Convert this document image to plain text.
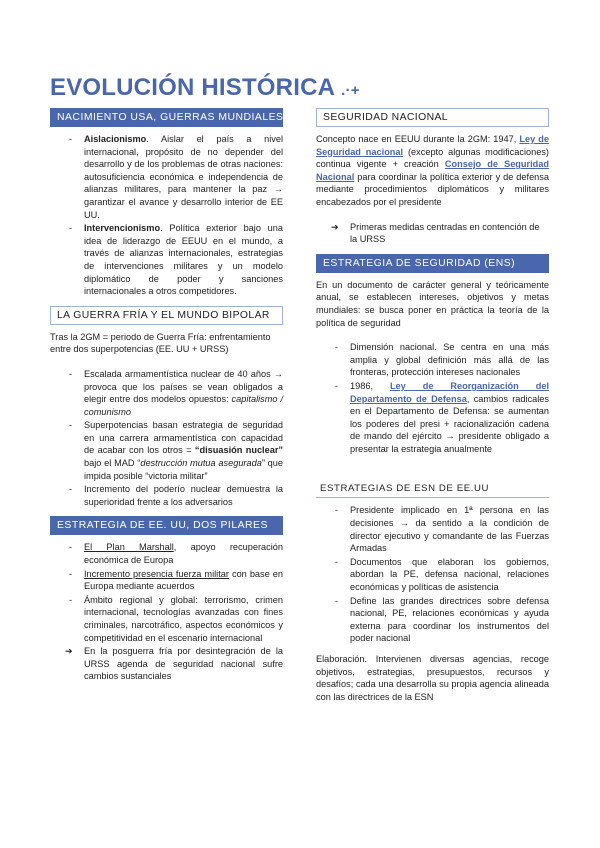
EVOLUCIÓN HISTÓRICA .·+
NACIMIENTO USA, GUERRAS MUNDIALES
- Aislacionismo. Aislar el país a nivel internacional, propósito de no depender del desarrollo y de los problemas de otras naciones: autosuficiencia económica e independencia de alianzas militares, para mantener la paz → garantizar el avance y desarrollo interior de EE UU.
- Intervencionismo. Política exterior bajo una idea de liderazgo de EEUU en el mundo, a través de alianzas internacionales, estrategias de intervenciones militares y un modelo diplomático de poder y sanciones internacionales a otros competidores.
LA GUERRA FRÍA Y EL MUNDO BIPOLAR

Tras la 2GM = periodo de Guerra Fría: enfrentamiento entre dos superpotencias (EE. UU + URSS)

- Escalada armamentística nuclear de 40 años → provoca que los países se vean obligados a elegir entre dos modelos opuestos: capitalismo / comunismo
- Superpotencias basan estrategia de seguridad en una carrera armamentística con capacidad de acabar con los otros = “disuasión nuclear” bajo el MAD “destrucción mutua asegurada” que impida posible “victoria militar”
- Incremento del poderío nuclear demuestra la superioridad frente a los adversarios
ESTRATEGIA DE EE. UU, DOS PILARES
- El Plan Marshall, apoyo recuperación económica de Europa
- Incremento presencia fuerza militar con base en Europa mediante acuerdos
- Ámbito regional y global: terrorismo, crimen internacional, tecnologías avanzadas con fines criminales, narcotráfico, aspectos económicos y competitividad en el escenario internacional
➔ En la posguerra fría por desintegración de la URSS agenda de seguridad nacional sufre cambios sustanciales
SEGURIDAD NACIONAL

Concepto nace en EEUU durante la 2GM: 1947, Ley de Seguridad nacional (excepto algunas modificaciones) continua vigente + creación Consejo de Seguridad Nacional para coordinar la política exterior y de defensa mediante procedimientos diplomáticos y militares encabezados por el presidente

➔ Primeras medidas centradas en contención de la URSS
ESTRATEGIA DE SEGURIDAD (ENS)

En un documento de carácter general y teóricamente anual, se establecen intereses, objetivos y metas mundiales: se busca poner en práctica la teoría de la política de seguridad

- Dimensión nacional. Se centra en una más amplia y global definición más allá de las fronteras, protección intereses nacionales
- 1986, Ley de Reorganización del Departamento de Defensa, cambios radicales en el Departamento de Defensa: se aumentan los poderes del presi + racionalización cadena de mando del ejército → presidente obligado a presentar la estrategia anualmente
ESTRATEGIAS DE ESN DE EE.UU
- Presidente implicado en 1ª persona en las decisiones → da sentido a la condición de director ejecutivo y comandante de las Fuerzas Armadas
- Documentos que elaboran los gobiernos, abordan la PE, defensa nacional, relaciones económicas y políticas de asistencia
- Define las grandes directrices sobre defensa nacional, PE, relaciones económicas y ayuda externa para coordinar los instrumentos del poder nacional

Elaboración. Intervienen diversas agencias, recoge objetivos, estrategias, presupuestos, recursos y desafíos; cada una desarrolla su propia agencia alineada con las directrices de la ESN
